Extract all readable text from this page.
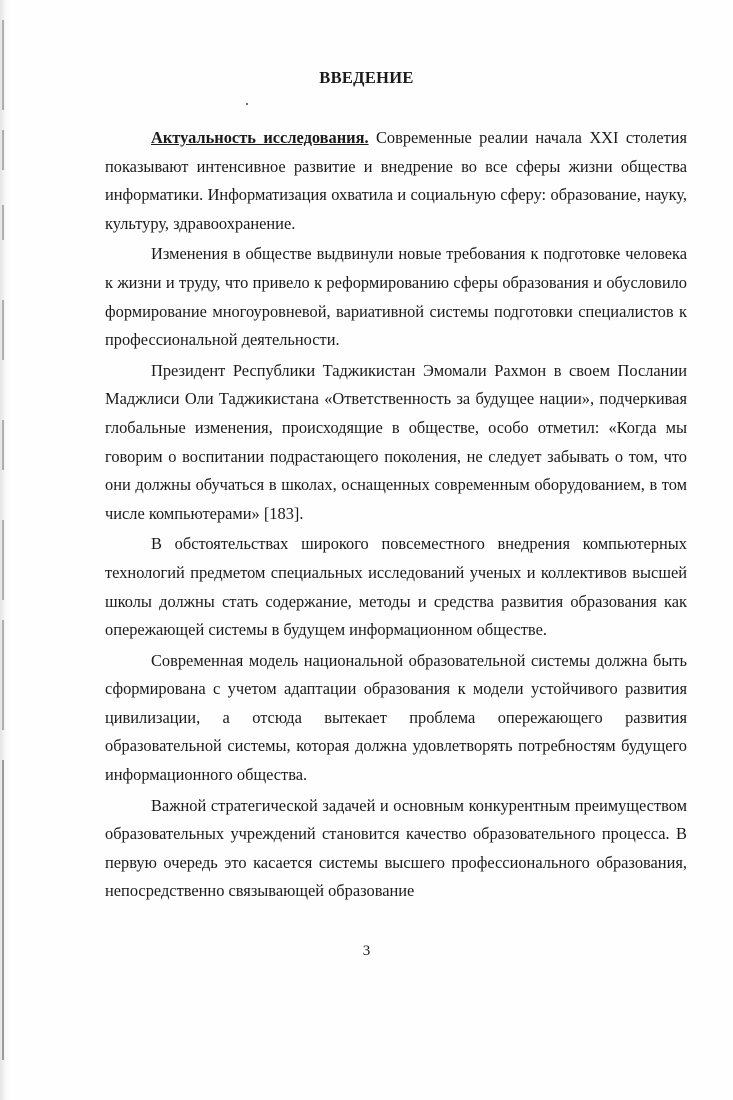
ВВЕДЕНИЕ

Актуальность исследования. Современные реалии начала XXI столетия показывают интенсивное развитие и внедрение во все сферы жизни общества информатики. Информатизация охватила и социальную сферу: образование, науку, культуру, здравоохранение.

Изменения в обществе выдвинули новые требования к подготовке человека к жизни и труду, что привело к реформированию сферы образования и обусловило формирование многоуровневой, вариативной системы подготовки специалистов к профессиональной деятельности.

Президент Республики Таджикистан Эмомали Рахмон в своем Послании Маджлиси Оли Таджикистана «Ответственность за будущее нации», подчеркивая глобальные изменения, происходящие в обществе, особо отметил: «Когда мы говорим о воспитании подрастающего поколения, не следует забывать о том, что они должны обучаться в школах, оснащенных современным оборудованием, в том числе компьютерами» [183].

В обстоятельствах широкого повсеместного внедрения компьютерных технологий предметом специальных исследований ученых и коллективов высшей школы должны стать содержание, методы и средства развития образования как опережающей системы в будущем информационном обществе.

Современная модель национальной образовательной системы должна быть сформирована с учетом адаптации образования к модели устойчивого развития цивилизации, а отсюда вытекает проблема опережающего развития образовательной системы, которая должна удовлетворять потребностям будущего информационного общества.

Важной стратегической задачей и основным конкурентным преимуществом образовательных учреждений становится качество образовательного процесса. В первую очередь это касается системы высшего профессионального образования, непосредственно связывающей образование

3
